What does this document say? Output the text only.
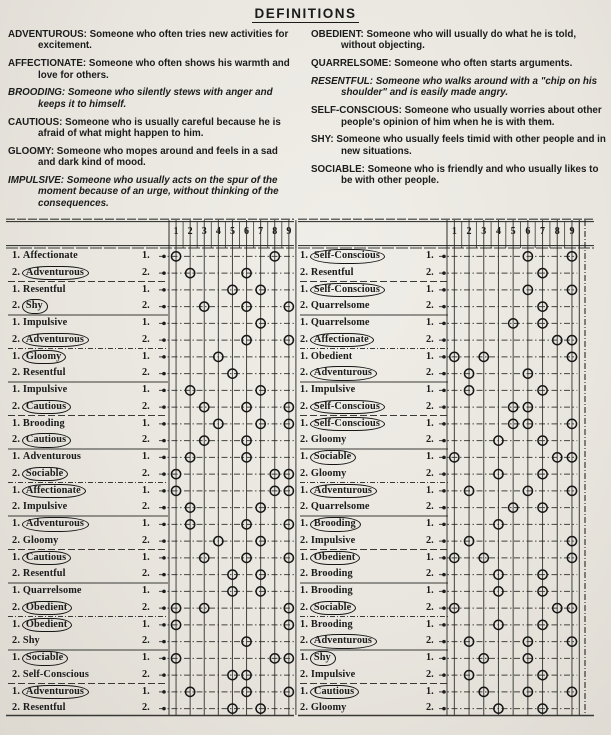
DEFINITIONS
ADVENTUROUS: Someone who often tries new activities for excitement.
AFFECTIONATE: Someone who often shows his warmth and love for others.
BROODING: Someone who silently stews with anger and keeps it to himself.
CAUTIOUS: Someone who is usually careful because he is afraid of what might happen to him.
GLOOMY: Someone who mopes around and feels in a sad and dark kind of mood.
IMPULSIVE: Someone who usually acts on the spur of the moment because of an urge, without thinking of the consequences.
OBEDIENT: Someone who will usually do what he is told, without objecting.
QUARRELSOME: Someone who often starts arguments.
RESENTFUL: Someone who walks around with a "chip on his shoulder" and is easily made angry.
SELF-CONSCIOUS: Someone who usually worries about other people's opinion of him when he is with them.
SHY: Someone who usually feels timid with other people and in new situations.
SOCIABLE: Someone who is friendly and who usually likes to be with other people.
1 2 3 4 5 6 7 8 9
1. Affectionate	1.
2. Adventurous	2.
1. Resentful	1.
2. Shy	2.
1. Impulsive	1.
2. Adventurous	2.
1. Gloomy	1.
2. Resentful	2.
1. Impulsive	1.
2. Cautious	2.
1. Brooding	1.
2. Cautious	2.
1. Adventurous	1.
2. Sociable	2.
1. Affectionate	1.
2. Impulsive	2.
1. Adventurous	1.
2. Gloomy	2.
1. Cautious	1.
2. Resentful	2.
1. Quarrelsome	1.
2. Obedient	2.
1. Obedient	1.
2. Shy	2.
1. Sociable	1.
2. Self-Conscious	2.
1. Adventurous	1.
2. Resentful	2.
1 2 3 4 5 6 7 8 9
1. Self-Conscious	1.
2. Resentful	2.
1. Self-Conscious	1.
2. Quarrelsome	2.
1. Quarrelsome	1.
2. Affectionate	2.
1. Obedient	1.
2. Adventurous	2.
1. Impulsive	1.
2. Self-Conscious	2.
1. Self-Conscious	1.
2. Gloomy	2.
1. Sociable	1.
2. Gloomy	2.
1. Adventurous	1.
2. Quarrelsome	2.
1. Brooding	1.
2. Impulsive	2.
1. Obedient	1.
2. Brooding	2.
1. Brooding	1.
2. Sociable	2.
1. Brooding	1.
2. Adventurous	2.
1. Shy	1.
2. Impulsive	2.
1. Cautious	1.
2. Gloomy	2.
